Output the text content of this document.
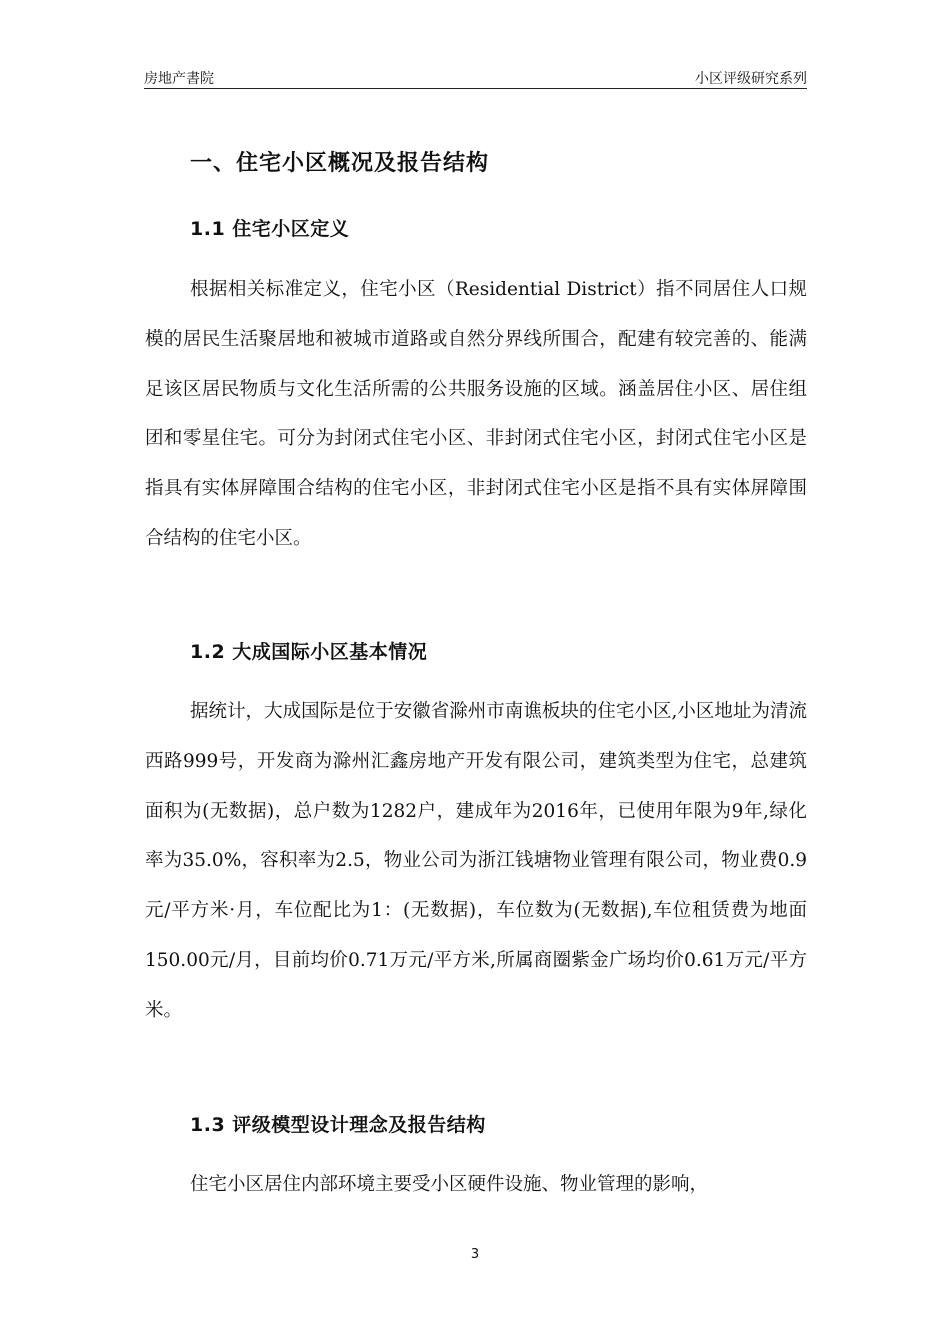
房地产書院	小区评级研究系列
一、住宅小区概况及报告结构
1.1 住宅小区定义

根据相关标准定义，住宅小区（Residential District）指不同居住人口规模的居民生活聚居地和被城市道路或自然分界线所围合，配建有较完善的、能满足该区居民物质与文化生活所需的公共服务设施的区域。涵盖居住小区、居住组团和零星住宅。可分为封闭式住宅小区、非封闭式住宅小区，封闭式住宅小区是指具有实体屏障围合结构的住宅小区，非封闭式住宅小区是指不具有实体屏障围合结构的住宅小区。

1.2 大成国际小区基本情况

据统计，大成国际是位于安徽省滁州市南谯板块的住宅小区,小区地址为清流西路999号，开发商为滁州汇鑫房地产开发有限公司，建筑类型为住宅，总建筑面积为(无数据)，总户数为1282户，建成年为2016年，已使用年限为9年,绿化率为35.0%，容积率为2.5，物业公司为浙江钱塘物业管理有限公司，物业费0.9元/平方米·月，车位配比为1：(无数据)，车位数为(无数据),车位租赁费为地面150.00元/月，目前均价0.71万元/平方米,所属商圈紫金广场均价0.61万元/平方米。

1.3 评级模型设计理念及报告结构

住宅小区居住内部环境主要受小区硬件设施、物业管理的影响，

3
